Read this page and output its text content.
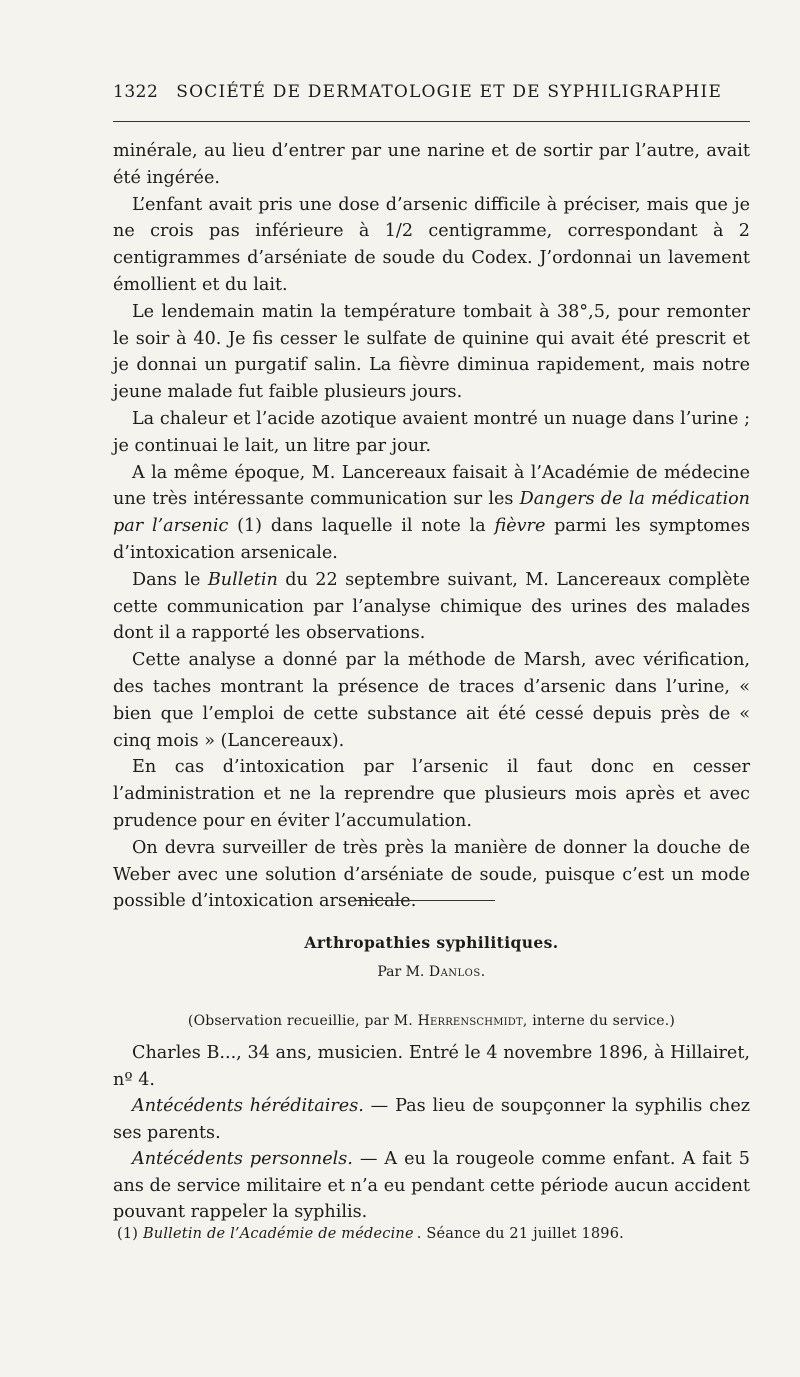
1322 SOCIÉTÉ DE DERMATOLOGIE ET DE SYPHILIGRAPHIE

minérale, au lieu d’entrer par une narine et de sortir par l’autre, avait été ingérée.

L’enfant avait pris une dose d’arsenic difficile à préciser, mais que je ne crois pas inférieure à 1/2 centigramme, correspondant à 2 centigrammes d’arséniate de soude du Codex. J’ordonnai un lavement émollient et du lait.

Le lendemain matin la température tombait à 38°,5, pour remonter le soir à 40. Je fis cesser le sulfate de quinine qui avait été prescrit et je donnai un purgatif salin. La fièvre diminua rapidement, mais notre jeune malade fut faible plusieurs jours.

La chaleur et l’acide azotique avaient montré un nuage dans l’urine ; je continuai le lait, un litre par jour.

A la même époque, M. Lancereaux faisait à l’Académie de médecine une très intéressante communication sur les Dangers de la médication par l’arsenic (1) dans laquelle il note la fièvre parmi les symptomes d’intoxication arsenicale.

Dans le Bulletin du 22 septembre suivant, M. Lancereaux complète cette communication par l’analyse chimique des urines des malades dont il a rapporté les observations.

Cette analyse a donné par la méthode de Marsh, avec vérification, des taches montrant la présence de traces d’arsenic dans l’urine, « bien que l’emploi de cette substance ait été cessé depuis près de « cinq mois » (Lancereaux).

En cas d’intoxication par l’arsenic il faut donc en cesser l’administration et ne la reprendre que plusieurs mois après et avec prudence pour en éviter l’accumulation.

On devra surveiller de très près la manière de donner la douche de Weber avec une solution d’arséniate de soude, puisque c’est un mode possible d’intoxication arsenicale.

Arthropathies syphilitiques.
Par M. Danlos.
(Observation recueillie, par M. Herrenschmidt, interne du service.)

Charles B..., 34 ans, musicien. Entré le 4 novembre 1896, à Hillairet, nº 4.

Antécédents héréditaires. — Pas lieu de soupçonner la syphilis chez ses parents.

Antécédents personnels. — A eu la rougeole comme enfant. A fait 5 ans de service militaire et n’a eu pendant cette période aucun accident pouvant rappeler la syphilis.

(1) Bulletin de l’Académie de médecine . Séance du 21 juillet 1896.
